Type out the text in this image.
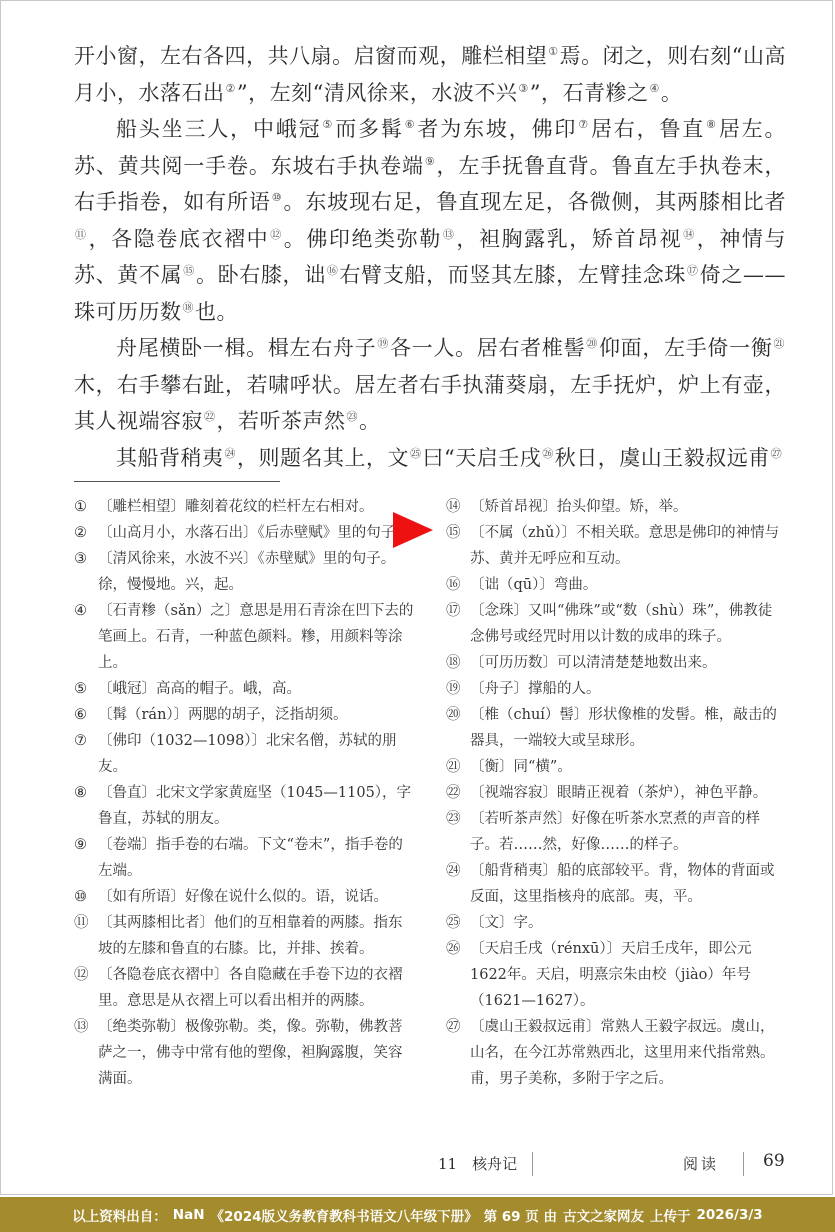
开小窗，左右各四，共八扇。启窗而观，雕栏相望①焉。闭之，则右刻“山高月小，水落石出②”，左刻“清风徐来，水波不兴③”，石青糁之④。

船头坐三人，中峨冠⑤而多髯⑥者为东坡，佛印⑦居右，鲁直⑧居左。苏、黄共阅一手卷。东坡右手执卷端⑨，左手抚鲁直背。鲁直左手执卷末，右手指卷，如有所语⑩。东坡现右足，鲁直现左足，各微侧，其两膝相比者⑪，各隐卷底衣褶中⑫。佛印绝类弥勒⑬，袒胸露乳，矫首昂视⑭，神情与苏、黄不属⑮。卧右膝，诎⑯右臂支船，而竖其左膝，左臂挂念珠⑰倚之——珠可历历数⑱也。

舟尾横卧一楫。楫左右舟子⑲各一人。居右者椎髻⑳仰面，左手倚一衡㉑木，右手攀右趾，若啸呼状。居左者右手执蒲葵扇，左手抚炉，炉上有壶，其人视端容寂㉒，若听茶声然㉓。

其船背稍夷㉔，则题名其上，文㉕曰“天启壬戌㉖秋日，虞山王毅叔远甫㉗

① 〔雕栏相望〕雕刻着花纹的栏杆左右相对。

② 〔山高月小，水落石出〕《后赤壁赋》里的句子。

③ 〔清风徐来，水波不兴〕《赤壁赋》里的句子。徐，慢慢地。兴，起。

④ 〔石青糁（sǎn）之〕意思是用石青涂在凹下去的笔画上。石青，一种蓝色颜料。糁，用颜料等涂上。

⑤ 〔峨冠〕高高的帽子。峨，高。

⑥ 〔髯（rán）〕两腮的胡子，泛指胡须。

⑦ 〔佛印（1032—1098）〕北宋名僧，苏轼的朋友。

⑧ 〔鲁直〕北宋文学家黄庭坚（1045—1105），字鲁直，苏轼的朋友。

⑨ 〔卷端〕指手卷的右端。下文“卷末”，指手卷的左端。

⑩ 〔如有所语〕好像在说什么似的。语，说话。

⑪ 〔其两膝相比者〕他们的互相靠着的两膝。指东坡的左膝和鲁直的右膝。比，并排、挨着。

⑫ 〔各隐卷底衣褶中〕各自隐藏在手卷下边的衣褶里。意思是从衣褶上可以看出相并的两膝。

⑬ 〔绝类弥勒〕极像弥勒。类，像。弥勒，佛教菩萨之一，佛寺中常有他的塑像，袒胸露腹，笑容满面。

⑭ 〔矫首昂视〕抬头仰望。矫，举。

⑮ 〔不属（zhǔ）〕不相关联。意思是佛印的神情与苏、黄并无呼应和互动。

⑯ 〔诎（qū）〕弯曲。

⑰ 〔念珠〕又叫“佛珠”或“数（shù）珠”，佛教徒念佛号或经咒时用以计数的成串的珠子。

⑱ 〔可历历数〕可以清清楚楚地数出来。

⑲ 〔舟子〕撑船的人。

⑳ 〔椎（chuí）髻〕形状像椎的发髻。椎，敲击的器具，一端较大或呈球形。

㉑ 〔衡〕同“横”。

㉒ 〔视端容寂〕眼睛正视着（茶炉），神色平静。

㉓ 〔若听茶声然〕好像在听茶水烹煮的声音的样子。若……然，好像……的样子。

㉔ 〔船背稍夷〕船的底部较平。背，物体的背面或反面，这里指核舟的底部。夷，平。

㉕ 〔文〕字。

㉖ 〔天启壬戌（rénxū）〕天启壬戌年，即公元1622年。天启，明熹宗朱由校（jiào）年号（1621—1627）。

㉗ 〔虞山王毅叔远甫〕常熟人王毅字叔远。虞山，山名，在今江苏常熟西北，这里用来代指常熟。甫，男子美称，多附于字之后。

11　核舟记	阅读	69
以上资料出自： NaN 《2024版义务教育教科书语文八年级下册》 第 69 页 由 古文之家网友 上传于 2026/3/3
